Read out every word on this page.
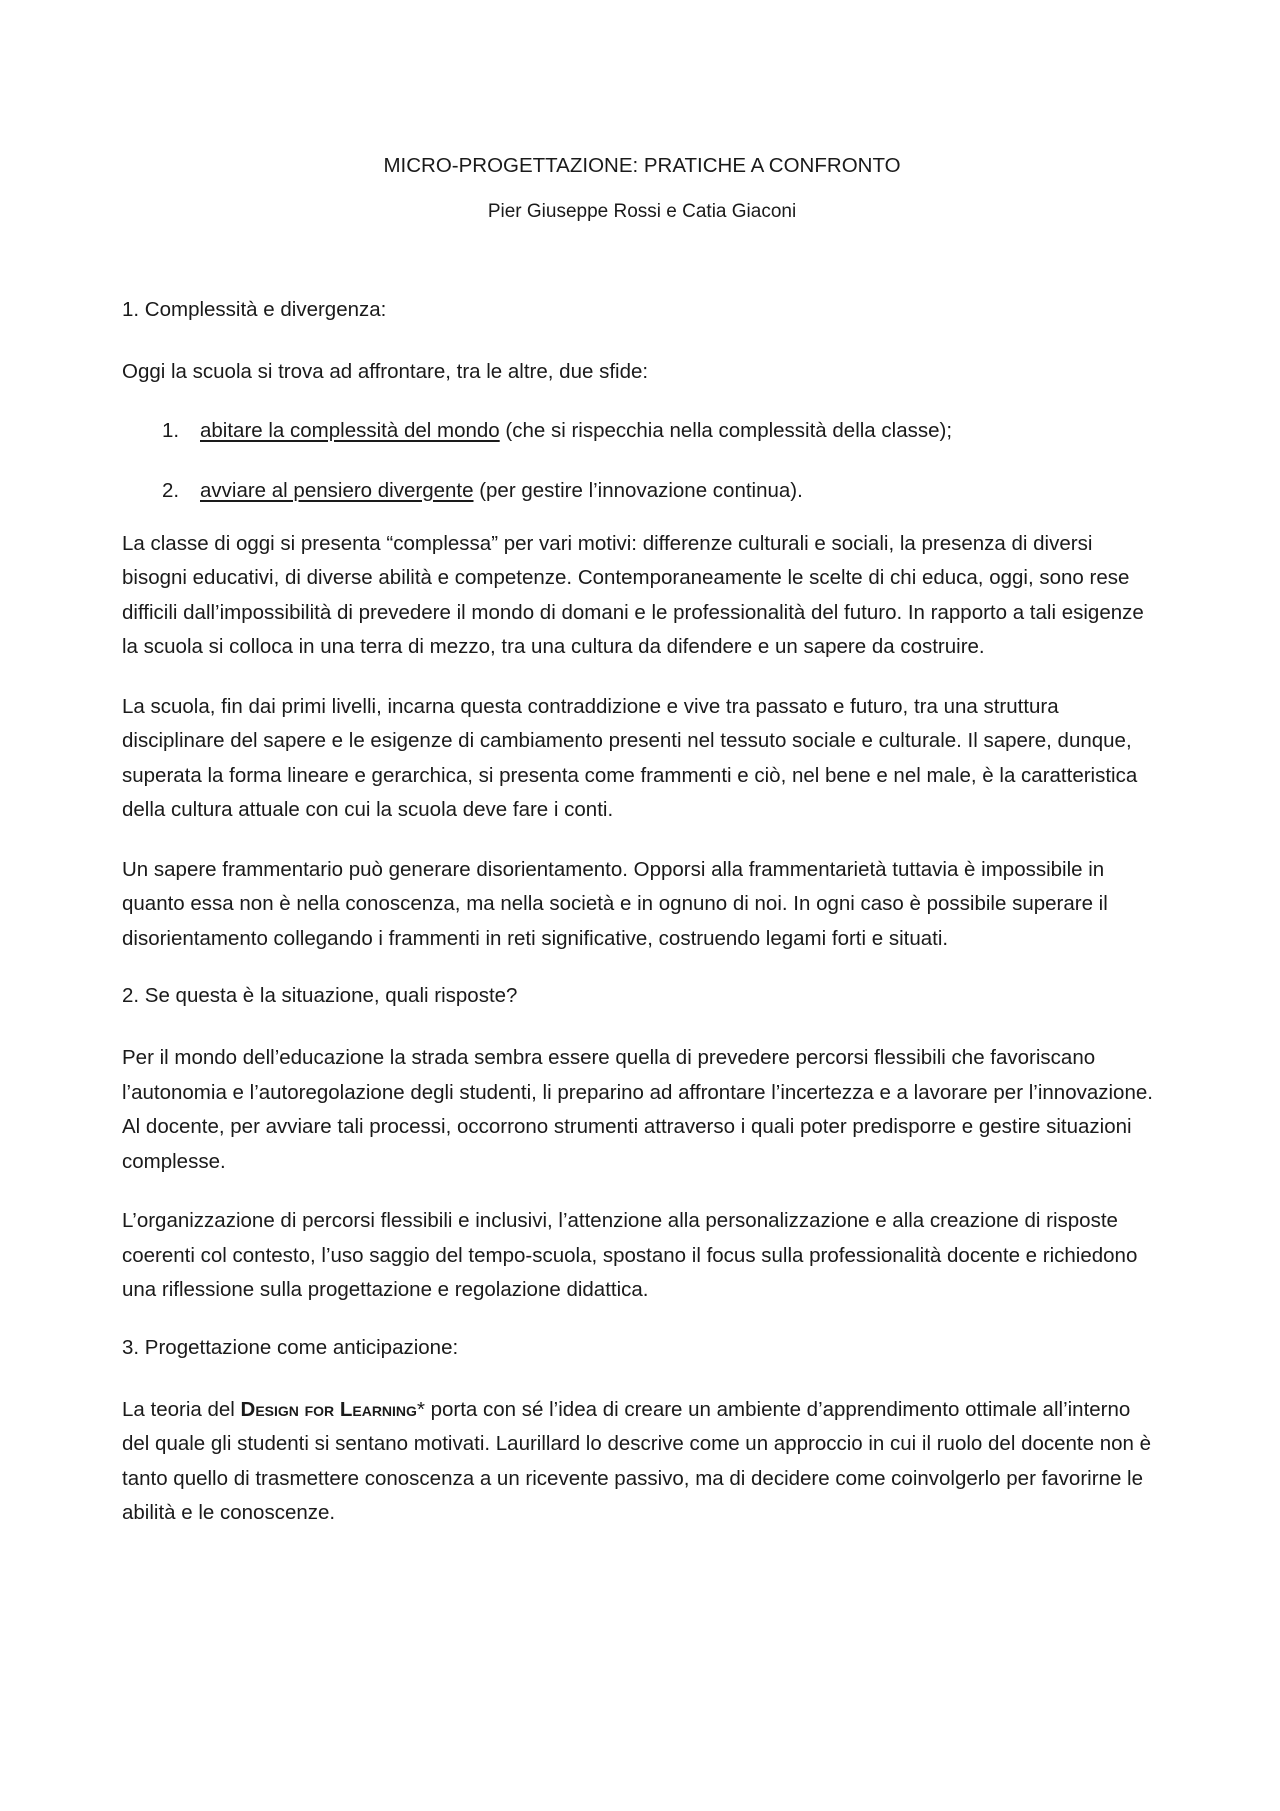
MICRO-PROGETTAZIONE: PRATICHE A CONFRONTO
Pier Giuseppe Rossi e Catia Giaconi
1. Complessità e divergenza:
Oggi la scuola si trova ad affrontare, tra le altre, due sfide:
1.	abitare la complessità del mondo (che si rispecchia nella complessità della classe);
2.	avviare al pensiero divergente (per gestire l’innovazione continua).

La classe di oggi si presenta “complessa” per vari motivi: differenze culturali e sociali, la presenza di diversi bisogni educativi, di diverse abilità e competenze. Contemporaneamente le scelte di chi educa, oggi, sono rese difficili dall’impossibilità di prevedere il mondo di domani e le professionalità del futuro. In rapporto a tali esigenze la scuola si colloca in una terra di mezzo, tra una cultura da difendere e un sapere da costruire.

La scuola, fin dai primi livelli, incarna questa contraddizione e vive tra passato e futuro, tra una struttura disciplinare del sapere e le esigenze di cambiamento presenti nel tessuto sociale e culturale. Il sapere, dunque, superata la forma lineare e gerarchica, si presenta come frammenti e ciò, nel bene e nel male, è la caratteristica della cultura attuale con cui la scuola deve fare i conti.

Un sapere frammentario può generare disorientamento. Opporsi alla frammentarietà tuttavia è impossibile in quanto essa non è nella conoscenza, ma nella società e in ognuno di noi. In ogni caso è possibile superare il disorientamento collegando i frammenti in reti significative, costruendo legami forti e situati.

2. Se questa è la situazione, quali risposte?

Per il mondo dell’educazione la strada sembra essere quella di prevedere percorsi flessibili che favoriscano l’autonomia e l’autoregolazione degli studenti, li preparino ad affrontare l’incertezza e a lavorare per l’innovazione. Al docente, per avviare tali processi, occorrono strumenti attraverso i quali poter predisporre e gestire situazioni complesse.

L’organizzazione di percorsi flessibili e inclusivi, l’attenzione alla personalizzazione e alla creazione di risposte coerenti col contesto, l’uso saggio del tempo-scuola, spostano il focus sulla professionalità docente e richiedono una riflessione sulla progettazione e regolazione didattica.

3. Progettazione come anticipazione:

La teoria del Design for Learning* porta con sé l’idea di creare un ambiente d’apprendimento ottimale all’interno del quale gli studenti si sentano motivati. Laurillard lo descrive come un approccio in cui il ruolo del docente non è tanto quello di trasmettere conoscenza a un ricevente passivo, ma di decidere come coinvolgerlo per favorirne le abilità e le conoscenze.
